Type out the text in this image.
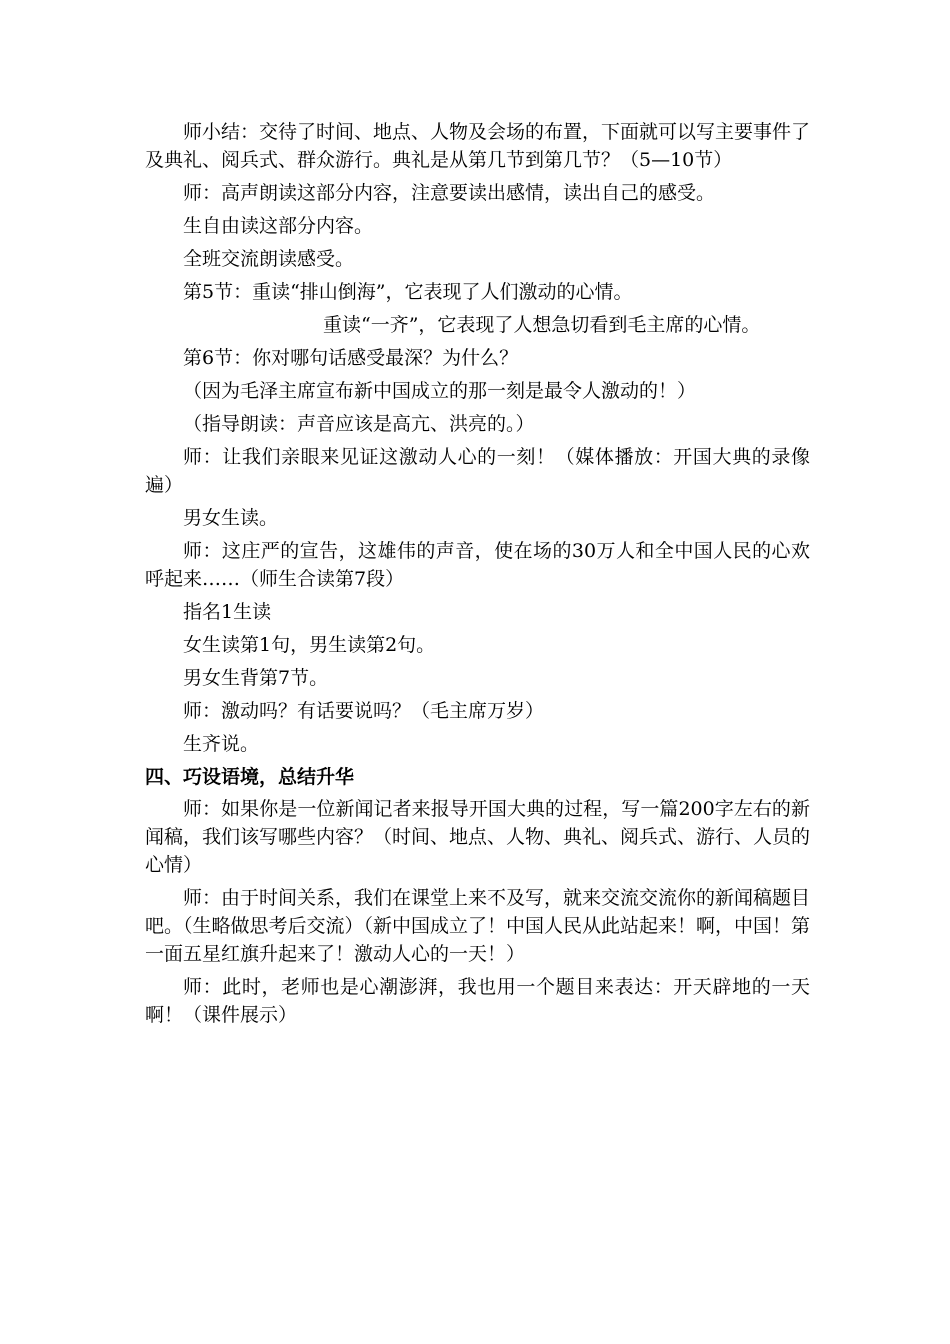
师小结：交待了时间、地点、人物及会场的布置，下面就可以写主要事件了及典礼、阅兵式、群众游行。典礼是从第几节到第几节？（5—10节）

师：高声朗读这部分内容，注意要读出感情，读出自己的感受。

生自由读这部分内容。

全班交流朗读感受。

第5节：重读“排山倒海”，它表现了人们激动的心情。

重读“一齐”，它表现了人想急切看到毛主席的心情。

第6节：你对哪句话感受最深？为什么？

（因为毛泽主席宣布新中国成立的那一刻是最令人激动的！）

（指导朗读：声音应该是高亢、洪亮的。）

师：让我们亲眼来见证这激动人心的一刻！（媒体播放：开国大典的录像遍）

男女生读。

师：这庄严的宣告，这雄伟的声音，使在场的30万人和全中国人民的心欢呼起来……（师生合读第7段）

指名1生读

女生读第1句，男生读第2句。

男女生背第7节。

师：激动吗？有话要说吗？（毛主席万岁）

生齐说。

四、巧设语境，总结升华

师：如果你是一位新闻记者来报导开国大典的过程，写一篇200字左右的新闻稿，我们该写哪些内容？（时间、地点、人物、典礼、阅兵式、游行、人员的心情）

师：由于时间关系，我们在课堂上来不及写，就来交流交流你的新闻稿题目吧。（生略做思考后交流）（新中国成立了！中国人民从此站起来！啊，中国！第一面五星红旗升起来了！激动人心的一天！）

师：此时，老师也是心潮澎湃，我也用一个题目来表达：开天辟地的一天啊！（课件展示）
